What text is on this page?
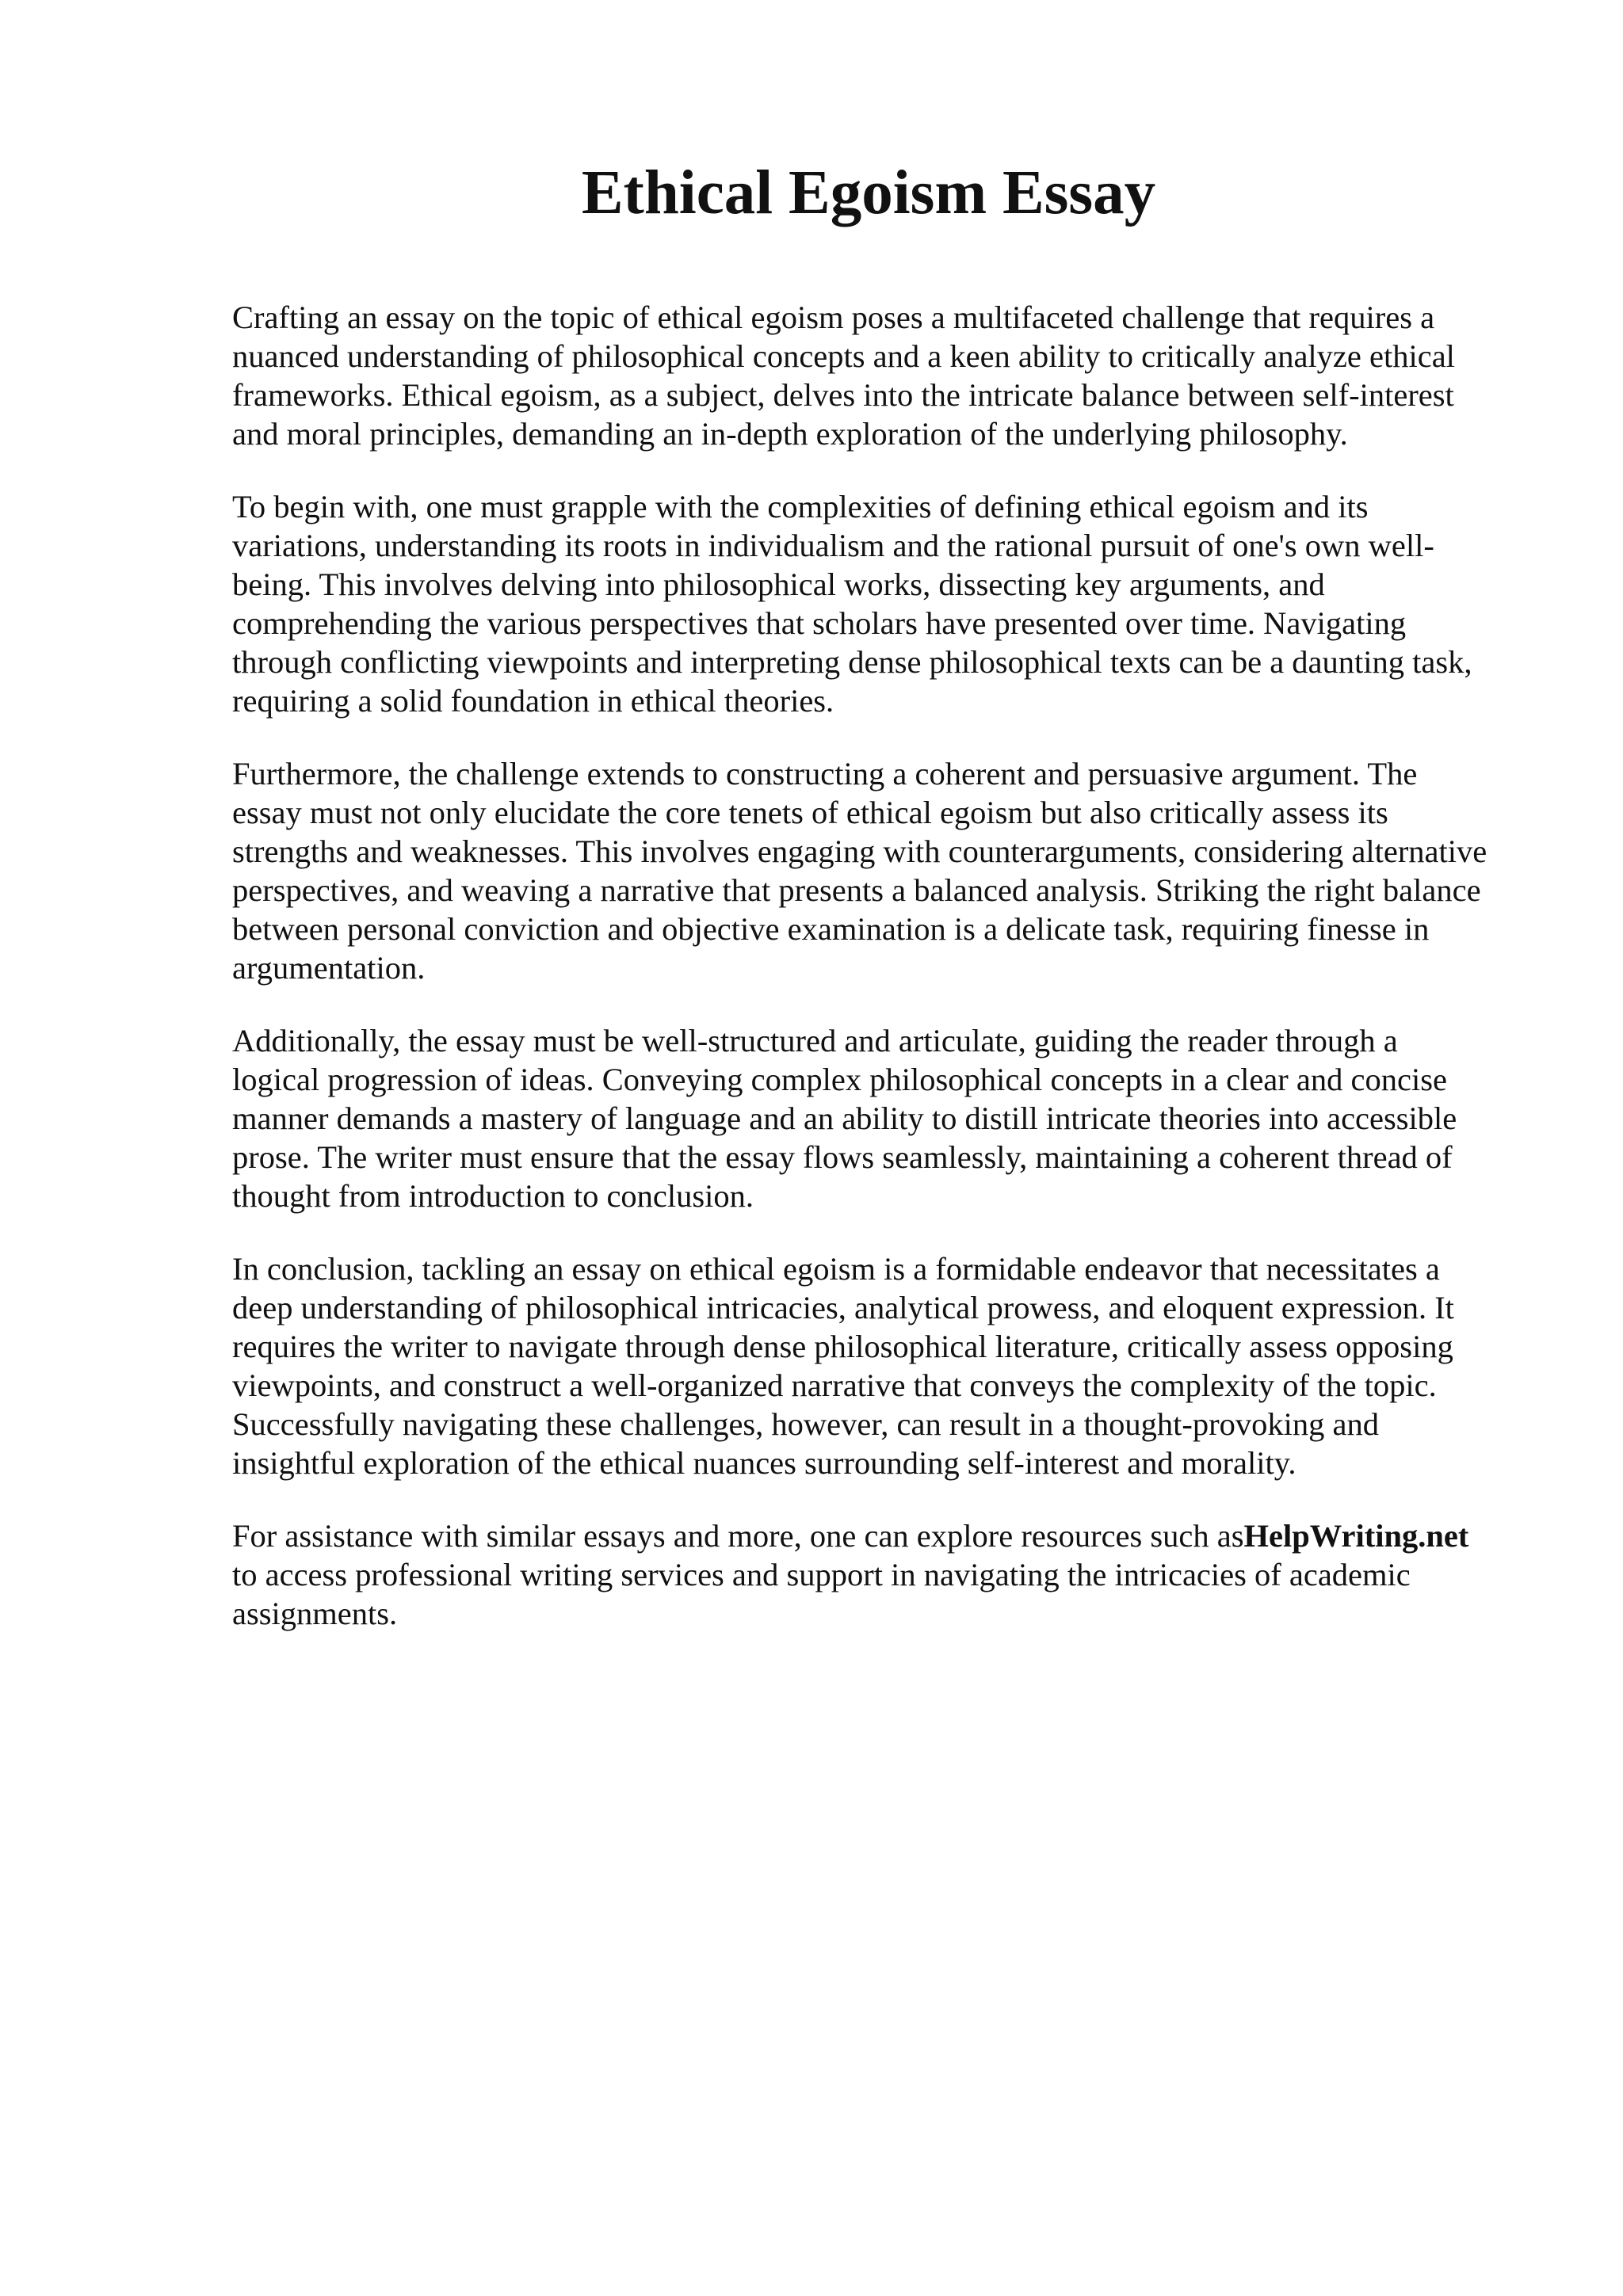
Ethical Egoism Essay

Crafting an essay on the topic of ethical egoism poses a multifaceted challenge that requires a
nuanced understanding of philosophical concepts and a keen ability to critically analyze ethical
frameworks. Ethical egoism, as a subject, delves into the intricate balance between self-interest
and moral principles, demanding an in-depth exploration of the underlying philosophy.

To begin with, one must grapple with the complexities of defining ethical egoism and its
variations, understanding its roots in individualism and the rational pursuit of one's own well-
being. This involves delving into philosophical works, dissecting key arguments, and
comprehending the various perspectives that scholars have presented over time. Navigating
through conflicting viewpoints and interpreting dense philosophical texts can be a daunting task,
requiring a solid foundation in ethical theories.

Furthermore, the challenge extends to constructing a coherent and persuasive argument. The
essay must not only elucidate the core tenets of ethical egoism but also critically assess its
strengths and weaknesses. This involves engaging with counterarguments, considering alternative
perspectives, and weaving a narrative that presents a balanced analysis. Striking the right balance
between personal conviction and objective examination is a delicate task, requiring finesse in
argumentation.

Additionally, the essay must be well-structured and articulate, guiding the reader through a
logical progression of ideas. Conveying complex philosophical concepts in a clear and concise
manner demands a mastery of language and an ability to distill intricate theories into accessible
prose. The writer must ensure that the essay flows seamlessly, maintaining a coherent thread of
thought from introduction to conclusion.

In conclusion, tackling an essay on ethical egoism is a formidable endeavor that necessitates a
deep understanding of philosophical intricacies, analytical prowess, and eloquent expression. It
requires the writer to navigate through dense philosophical literature, critically assess opposing
viewpoints, and construct a well-organized narrative that conveys the complexity of the topic.
Successfully navigating these challenges, however, can result in a thought-provoking and
insightful exploration of the ethical nuances surrounding self-interest and morality.

For assistance with similar essays and more, one can explore resources such asHelpWriting.net
to access professional writing services and support in navigating the intricacies of academic
assignments.
